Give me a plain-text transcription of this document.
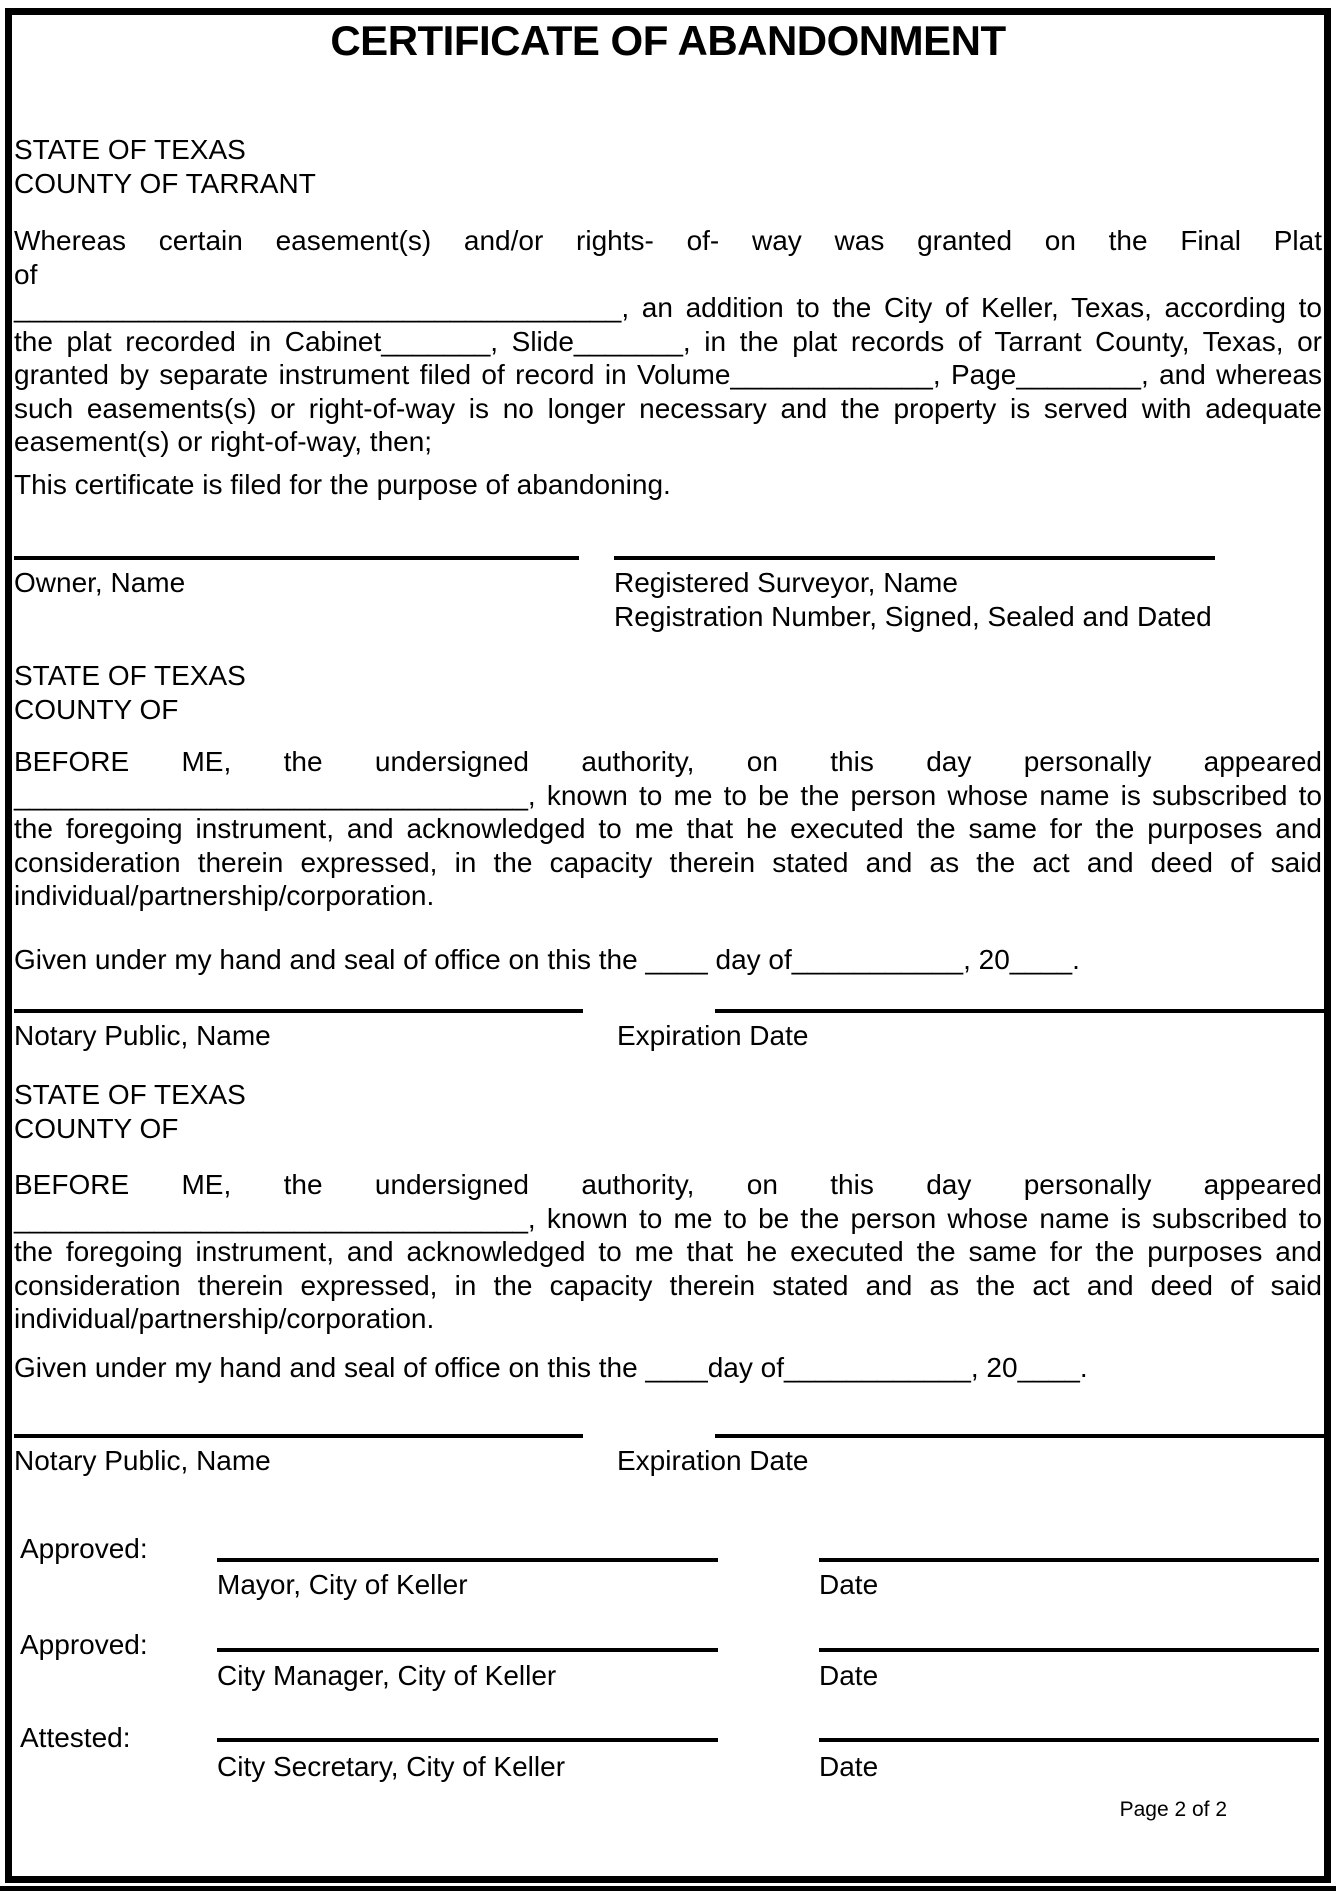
CERTIFICATE OF ABANDONMENT
STATE OF TEXAS
COUNTY OF TARRANT
Whereas certain easement(s) and/or rights- of- way was granted on the Final Plat
of
_______________________________________, an addition to the City of Keller, Texas, according to
the plat recorded in Cabinet_______, Slide_______, in the plat records of Tarrant County, Texas, or
granted by separate instrument filed of record in Volume_____________, Page________, and whereas
such easements(s) or right-of-way is no longer necessary and the property is served with adequate
easement(s) or right-of-way, then;
This certificate is filed for the purpose of abandoning.
Owner, Name	Registered Surveyor, Name
Registration Number, Signed, Sealed and Dated
STATE OF TEXAS
COUNTY OF
BEFORE ME, the undersigned authority, on this day personally appeared
_________________________________, known to me to be the person whose name is subscribed to
the foregoing instrument, and acknowledged to me that he executed the same for the purposes and
consideration therein expressed, in the capacity therein stated and as the act and deed of said
individual/partnership/corporation.
Given under my hand and seal of office on this the ____ day of___________, 20____.
Notary Public, Name	Expiration Date
STATE OF TEXAS
COUNTY OF
BEFORE ME, the undersigned authority, on this day personally appeared
_________________________________, known to me to be the person whose name is subscribed to
the foregoing instrument, and acknowledged to me that he executed the same for the purposes and
consideration therein expressed, in the capacity therein stated and as the act and deed of said
individual/partnership/corporation.
Given under my hand and seal of office on this the ____day of____________, 20____.
Notary Public, Name	Expiration Date
Approved:
Mayor, City of Keller	Date
Approved:
City Manager, City of Keller	Date
Attested:
City Secretary, City of Keller	Date
Page 2 of 2
